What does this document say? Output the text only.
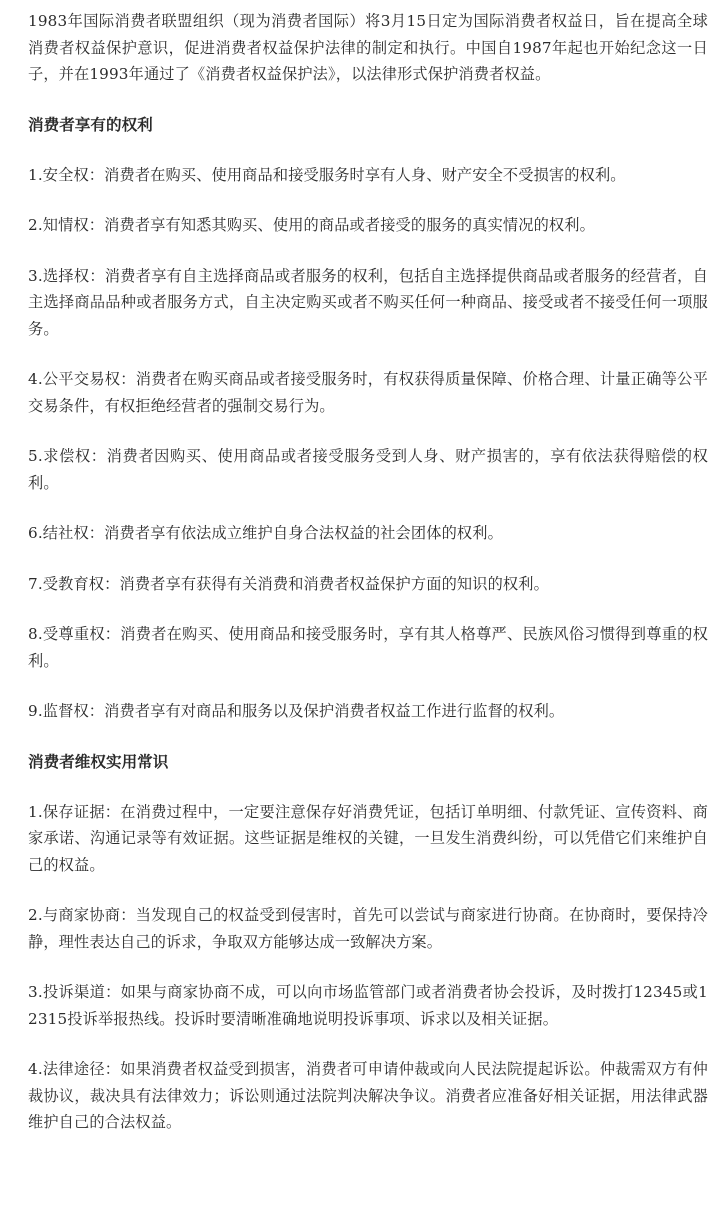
1983年国际消费者联盟组织（现为消费者国际）将3月15日定为国际消费者权益日，旨在提高全球消费者权益保护意识，促进消费者权益保护法律的制定和执行。中国自1987年起也开始纪念这一日子，并在1993年通过了《消费者权益保护法》，以法律形式保护消费者权益。

消费者享有的权利

1.安全权：消费者在购买、使用商品和接受服务时享有人身、财产安全不受损害的权利。

2.知情权：消费者享有知悉其购买、使用的商品或者接受的服务的真实情况的权利。

3.选择权：消费者享有自主选择商品或者服务的权利，包括自主选择提供商品或者服务的经营者，自主选择商品品种或者服务方式，自主决定购买或者不购买任何一种商品、接受或者不接受任何一项服务。

4.公平交易权：消费者在购买商品或者接受服务时，有权获得质量保障、价格合理、计量正确等公平交易条件，有权拒绝经营者的强制交易行为。

5.求偿权：消费者因购买、使用商品或者接受服务受到人身、财产损害的，享有依法获得赔偿的权利。

6.结社权：消费者享有依法成立维护自身合法权益的社会团体的权利。

7.受教育权：消费者享有获得有关消费和消费者权益保护方面的知识的权利。

8.受尊重权：消费者在购买、使用商品和接受服务时，享有其人格尊严、民族风俗习惯得到尊重的权利。

9.监督权：消费者享有对商品和服务以及保护消费者权益工作进行监督的权利。

消费者维权实用常识

1.保存证据：在消费过程中，一定要注意保存好消费凭证，包括订单明细、付款凭证、宣传资料、商家承诺、沟通记录等有效证据。这些证据是维权的关键，一旦发生消费纠纷，可以凭借它们来维护自己的权益。

2.与商家协商：当发现自己的权益受到侵害时，首先可以尝试与商家进行协商。在协商时，要保持冷静，理性表达自己的诉求，争取双方能够达成一致解决方案。

3.投诉渠道：如果与商家协商不成，可以向市场监管部门或者消费者协会投诉，及时拨打12345或12315投诉举报热线。投诉时要清晰准确地说明投诉事项、诉求以及相关证据。

4.法律途径：如果消费者权益受到损害，消费者可申请仲裁或向人民法院提起诉讼。仲裁需双方有仲裁协议，裁决具有法律效力；诉讼则通过法院判决解决争议。消费者应准备好相关证据，用法律武器维护自己的合法权益。
